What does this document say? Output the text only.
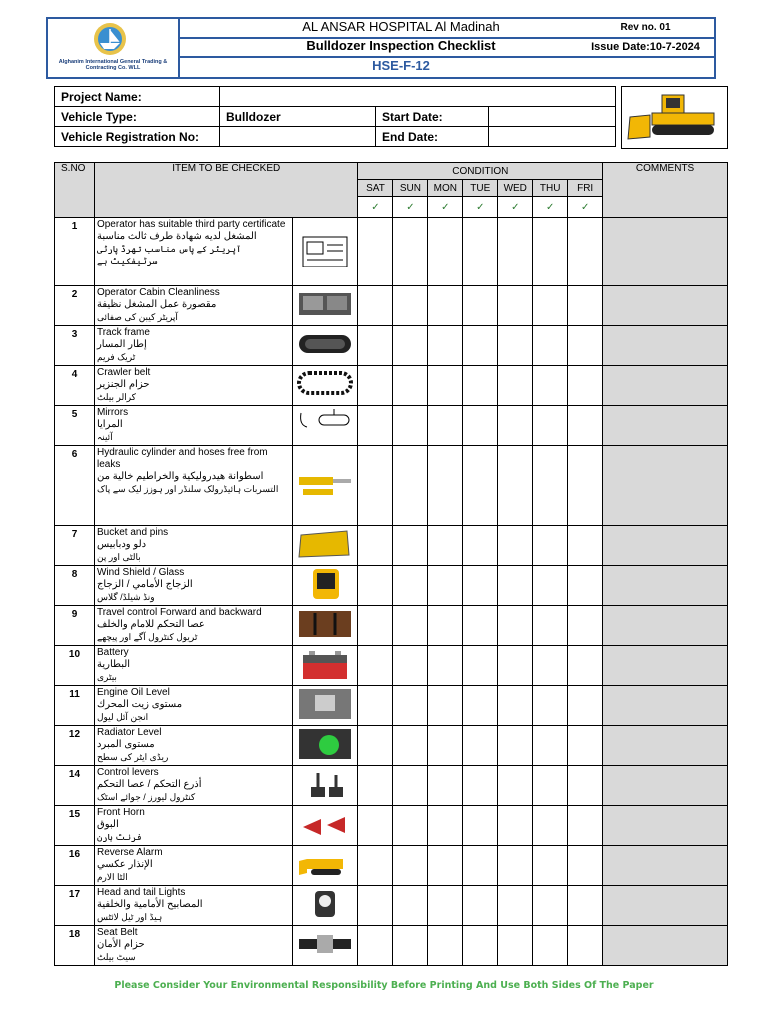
Alghanim International General Trading & Contracting Co. WLL
AL ANSAR HOSPITAL Al Madinah
Bulldozer Inspection Checklist
HSE-F-12
Rev no. 01
Issue Date:10-7-2024
Project Name:			
Vehicle Type:	Bulldozer	Start Date:	
Vehicle Registration No:		End Date:	
S.NO	ITEM TO BE CHECKED		CONDITION							COMMENTS
			SAT	SUN	MON	TUE	WED	THU	FRI	
			✓	✓	✓	✓	✓	✓	✓	
1	Operator has suitable third party certificate
المشغل لديه شهادة طرف ثالث مناسبة
آپریٹر کے پاس مناسب تھرڈ پارٹی سرٹیفکیٹ ہے

2	Operator Cabin Cleanliness
مقصورة عمل المشغل نظيفة
آپریٹر کیبن کی صفائی

3	Track frame
إطار المسار
ٹریک فریم

4	Crawler belt
حزام الجنزير
کرالر بیلٹ

5	Mirrors
المرايا
آئینہ

6	Hydraulic cylinder and hoses free from leaks
اسطوانة هيدروليكية والخراطيم خالية من
التسربات ہائیڈرولک سلنڈر اور ہوزز لیک سے پاک

7	Bucket and pins
دلو ودبابيس
بالٹی اور پن

8	Wind Shield / Glass
الزجاج الأمامي / الزجاج
ونڈ شیلڈ/ گلاس

9	Travel control Forward and backward
عصا التحكم للامام والخلف
ٹریول کنٹرول آگے اور پیچھے

10	Battery
البطارية
بیٹری

11	Engine Oil Level
مستوى زيت المحرك
انجن آئل لیول

12	Radiator Level
مستوى المبرد
ریڈی ایٹر کی سطح

14	Control levers
أذرع التحكم / عصا التحكم
کنٹرول لیورز / جوائے اسٹک

15	Front Horn
البوق
فرنٹ ہارن

16	Reverse Alarm
الإنذار عكسي
الٹا الارم

17	Head and tail Lights
المصابيح الأمامية والخلفية
ہیڈ اور ٹیل لائٹس

18	Seat Belt
حزام الأمان
سیٹ بیلٹ

Please Consider Your Environmental Responsibility Before Printing And Use Both Sides Of The Paper
